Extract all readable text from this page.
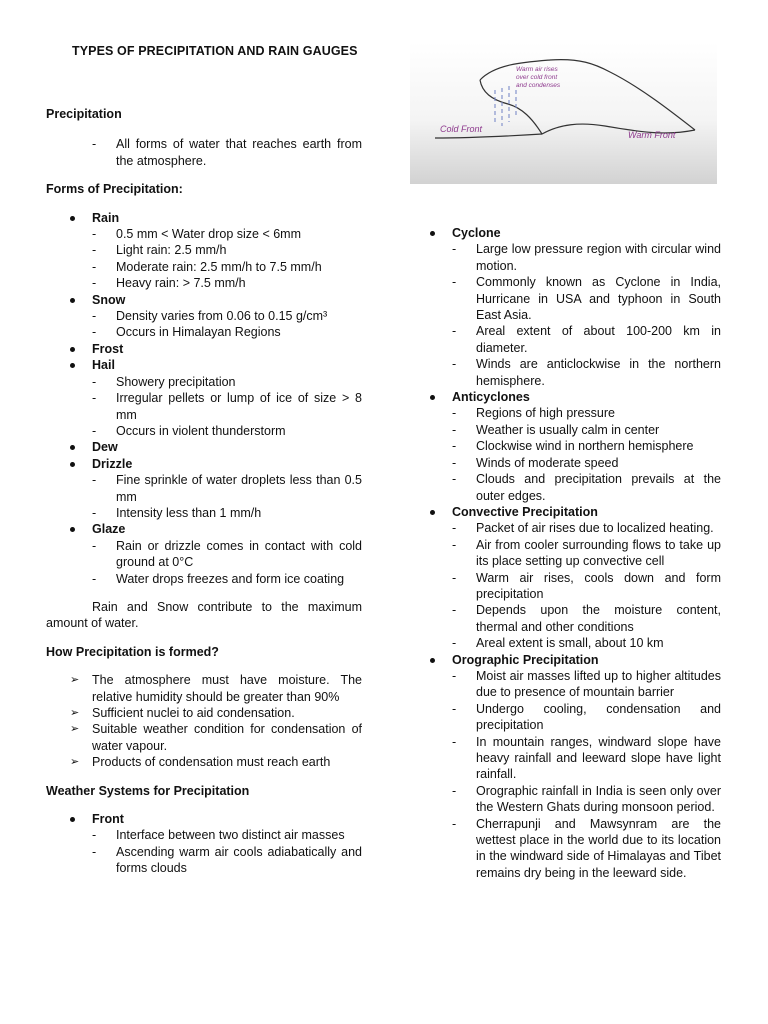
TYPES OF PRECIPITATION AND RAIN GAUGES
Warm air rises
over cold front
and condenses
Cold Front
Warm Front
Precipitation
- All forms of water that reaches earth from the atmosphere.
Forms of Precipitation:
Rain
- 0.5 mm < Water drop size < 6mm
- Light rain: 2.5 mm/h
- Moderate rain: 2.5 mm/h to 7.5 mm/h
- Heavy rain: > 7.5 mm/h
Snow
- Density varies from 0.06 to 0.15 g/cm³
- Occurs in Himalayan Regions
Frost
Hail
- Showery precipitation
- Irregular pellets or lump of ice of size > 8 mm
- Occurs in violent thunderstorm
Dew
Drizzle
- Fine sprinkle of water droplets less than 0.5 mm
- Intensity less than 1 mm/h
Glaze
- Rain or drizzle comes in contact with cold ground at 0°C
- Water drops freezes and form ice coating
Rain and Snow contribute to the maximum amount of water.
How Precipitation is formed?
➢ The atmosphere must have moisture. The relative humidity should be greater than 90%
➢ Sufficient nuclei to aid condensation.
➢ Suitable weather condition for condensation of water vapour.
➢ Products of condensation must reach earth
Weather Systems for Precipitation
Front
- Interface between two distinct air masses
- Ascending warm air cools adiabatically and forms clouds
Cyclone
- Large low pressure region with circular wind motion.
- Commonly known as Cyclone in India, Hurricane in USA and typhoon in South East Asia.
- Areal extent of about 100-200 km in diameter.
- Winds are anticlockwise in the northern hemisphere.
Anticyclones
- Regions of high pressure
- Weather is usually calm in center
- Clockwise wind in northern hemisphere
- Winds of moderate speed
- Clouds and precipitation prevails at the outer edges.
Convective Precipitation
- Packet of air rises due to localized heating.
- Air from cooler surrounding flows to take up its place setting up convective cell
- Warm air rises, cools down and form precipitation
- Depends upon the moisture content, thermal and other conditions
- Areal extent is small, about 10 km
Orographic Precipitation
- Moist air masses lifted up to higher altitudes due to presence of mountain barrier
- Undergo cooling, condensation and precipitation
- In mountain ranges, windward slope have heavy rainfall and leeward slope have light rainfall.
- Orographic rainfall in India is seen only over the Western Ghats during monsoon period.
- Cherrapunji and Mawsynram are the wettest place in the world due to its location in the windward side of Himalayas and Tibet remains dry being in the leeward side.
